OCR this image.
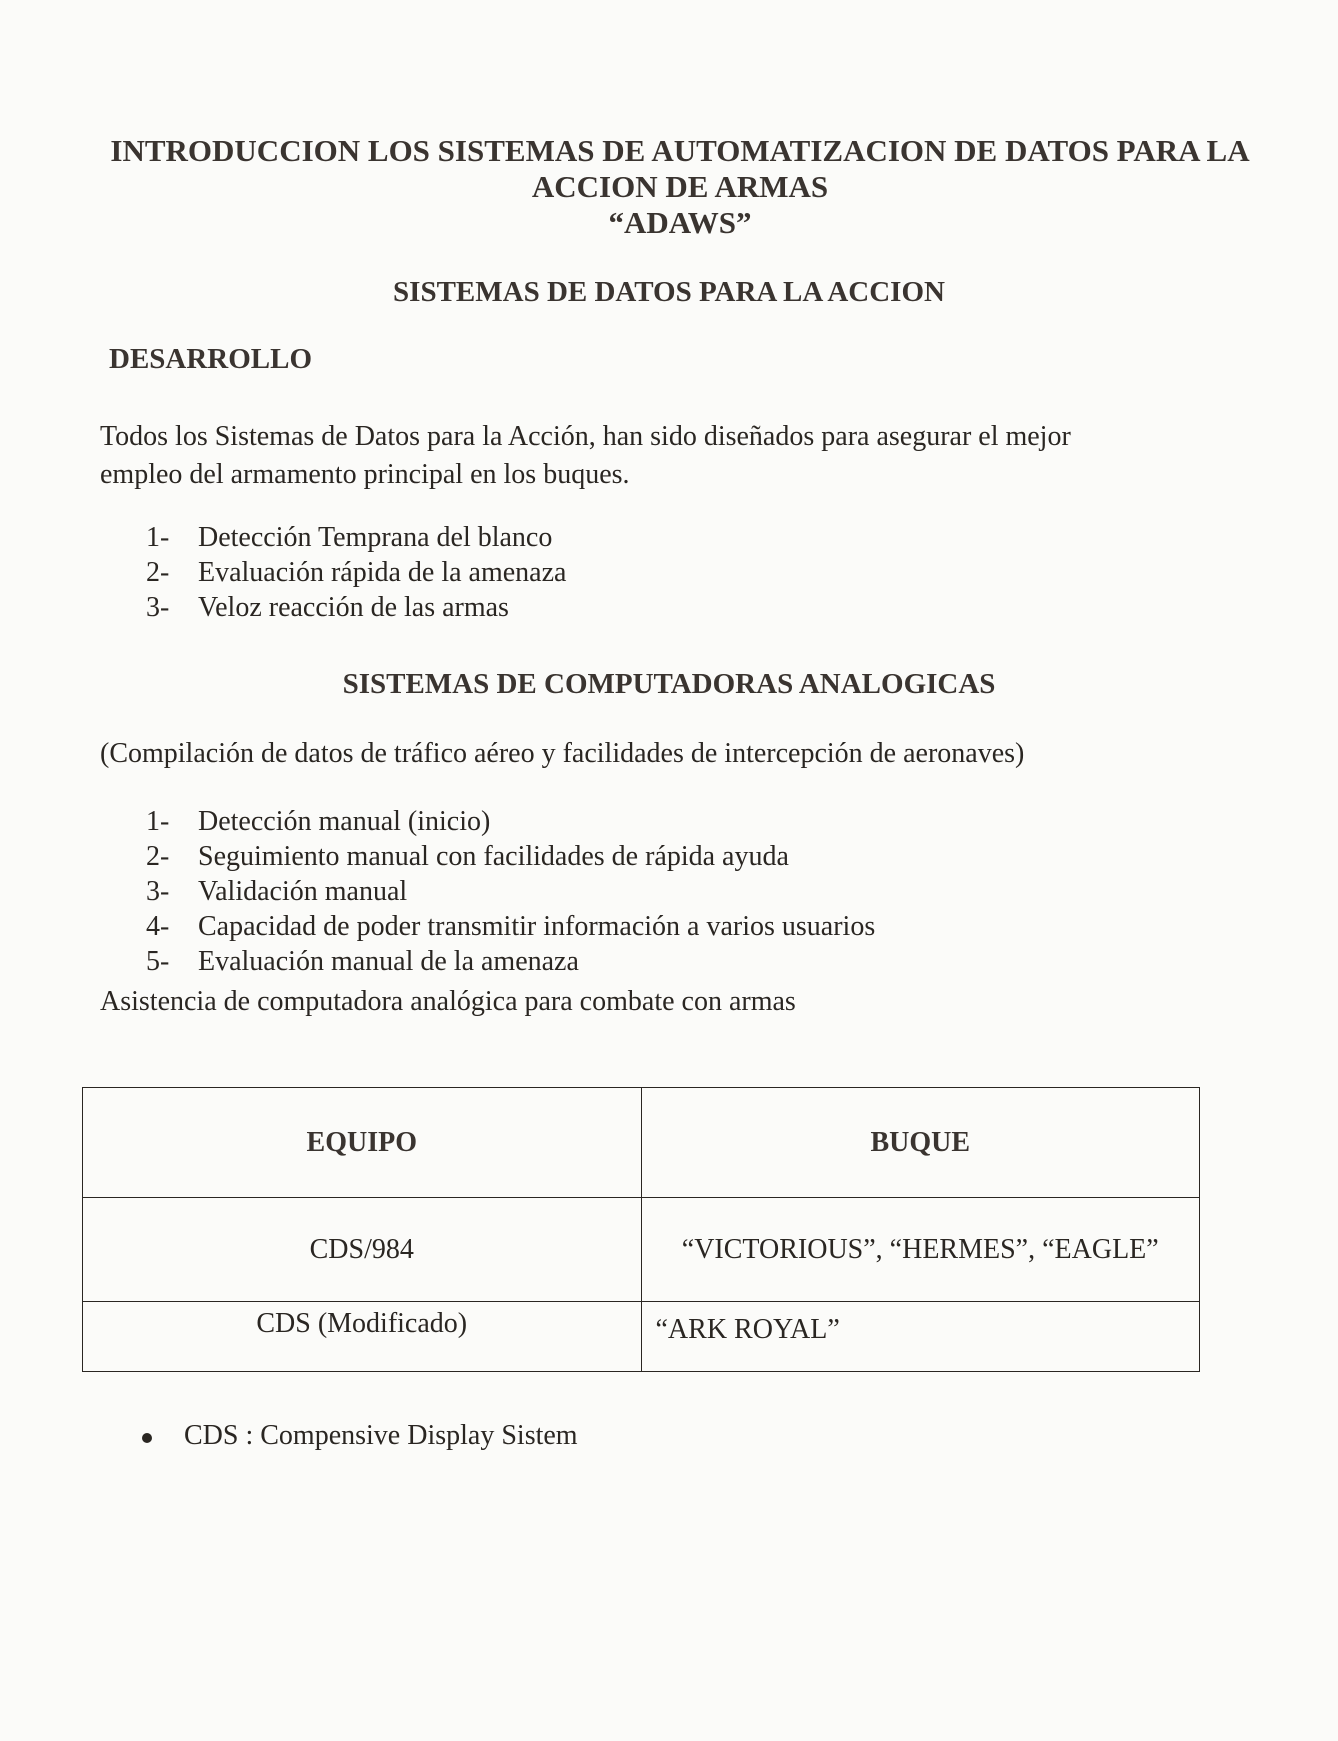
INTRODUCCION LOS SISTEMAS DE AUTOMATIZACION DE DATOS PARA LA
ACCION DE ARMAS
“ADAWS”
SISTEMAS DE DATOS PARA LA ACCION
DESARROLLO
Todos los Sistemas de Datos para la Acción, han sido diseñados para asegurar el mejor
empleo del armamento principal en los buques.
1- Detección Temprana del blanco
2- Evaluación rápida de la amenaza
3- Veloz reacción de las armas
SISTEMAS DE COMPUTADORAS ANALOGICAS
(Compilación de datos de tráfico aéreo y facilidades de intercepción de aeronaves)
1- Detección manual (inicio)
2- Seguimiento manual con facilidades de rápida ayuda
3- Validación manual
4- Capacidad de poder transmitir información a varios usuarios
5- Evaluación manual de la amenaza
Asistencia de computadora analógica para combate con armas
EQUIPO	BUQUE
CDS/984	“VICTORIOUS”, “HERMES”, “EAGLE”
CDS (Modificado)	“ARK ROYAL”
CDS : Compensive Display Sistem
